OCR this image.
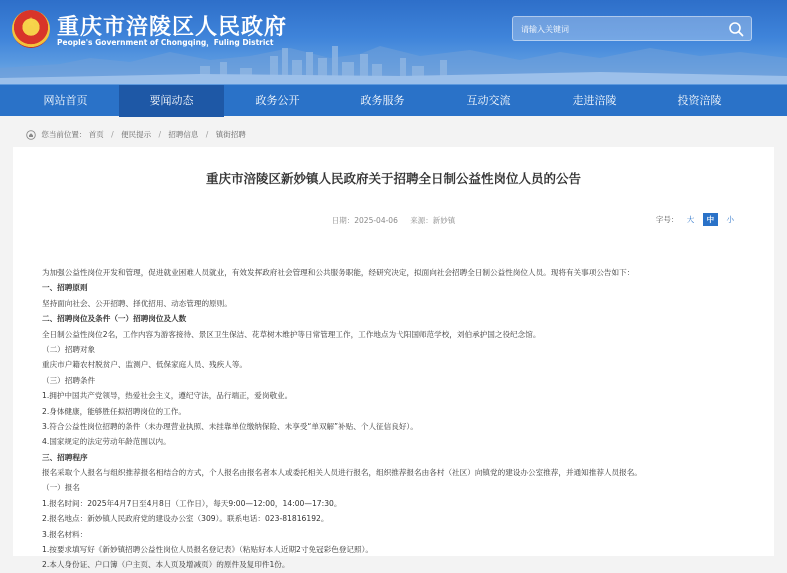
★ 重庆市涪陵区人民政府
People's Government of Chongqing，Fuling District
请输入关键词
网站首页	要闻动态	政务公开	政务服务	互动交流	走进涪陵	投资涪陵
您当前位置： 首页 / 便民提示 / 招聘信息 / 镇街招聘
重庆市涪陵区新妙镇人民政府关于招聘全日制公益性岗位人员的公告
日期：2025-04-06 来源：新妙镇	字号： 大 中 小
为加强公益性岗位开发和管理，促进就业困难人员就业，有效发挥政府社会管理和公共服务职能，经研究决定，拟面向社会招聘全日制公益性岗位人员。现将有关事项公告如下：
一、招聘原则
坚持面向社会、公开招聘、择优招用、动态管理的原则。
二、招聘岗位及条件（一）招聘岗位及人数
全日制公益性岗位2名，工作内容为游客接待、景区卫生保洁、花草树木维护等日常管理工作，工作地点为弋阳国师范学校，刘伯承护国之役纪念馆。
（二）招聘对象
重庆市户籍农村脱贫户、监测户、低保家庭人员、残疾人等。
（三）招聘条件
1.拥护中国共产党领导，热爱社会主义，遵纪守法，品行端正，爱岗敬业。
2.身体健康，能够胜任拟招聘岗位的工作。
3.符合公益性岗位招聘的条件（未办理营业执照、未挂靠单位缴纳保险、未享受“单双解”补贴、个人征信良好）。
4.国家规定的法定劳动年龄范围以内。
三、招聘程序
报名采取个人报名与组织推荐报名相结合的方式，个人报名由报名者本人或委托相关人员进行报名，组织推荐报名由各村（社区）向镇党的建设办公室推荐，并通知推荐人员报名。
（一）报名
1.报名时间：2025年4月7日至4月8日（工作日），每天9:00—12:00，14:00—17:30。
2.报名地点：新妙镇人民政府党的建设办公室（309）。联系电话：023-81816192。
3.报名材料：
1.按要求填写好《新妙镇招聘公益性岗位人员报名登记表》（粘贴好本人近期2寸免冠彩色登记照）。
2.本人身份证、户口簿（户主页、本人页及增减页）的原件及复印件1份。
